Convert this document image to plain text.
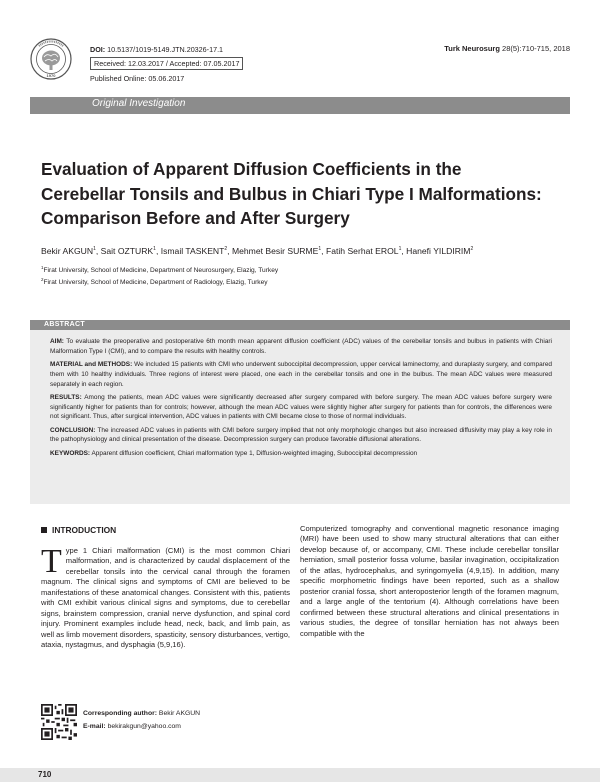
1970
DOI: 10.5137/1019-5149.JTN.20326-17.1
Received: 12.03.2017 / Accepted: 07.05.2017
Published Online: 05.06.2017
Turk Neurosurg 28(5):710-715, 2018
Original Investigation
Evaluation of Apparent Diffusion Coefficients in the
Cerebellar Tonsils and Bulbus in Chiari Type I Malformations:
Comparison Before and After Surgery
Bekir AKGUN$^1$, Sait OZTURK$^1$, Ismail TASKENT$^2$, Mehmet Besir SURME$^1$, Fatih Serhat EROL$^1$, Hanefi YILDIRIM$^2$
$^1$Firat University, School of Medicine, Department of Neurosurgery, Elazig, Turkey
$^2$Firat University, School of Medicine, Department of Radiology, Elazig, Turkey
ABSTRACT

AIM: To evaluate the preoperative and postoperative 6th month mean apparent diffusion coefficient (ADC) values of the cerebellar tonsils and bulbus in patients with Chiari Malformation Type I (CMI), and to compare the results with healthy controls.

MATERIAL and METHODS: We included 15 patients with CMI who underwent suboccipital decompression, upper cervical laminectomy, and duraplasty surgery, and compared them with 10 healthy individuals. Three regions of interest were placed, one each in the cerebellar tonsils and one in the bulbus. The mean ADC values were measured separately in each region.

RESULTS: Among the patients, mean ADC values were significantly decreased after surgery compared with before surgery. The mean ADC values before surgery were significantly higher for patients than for controls; however, although the mean ADC values were slightly higher after surgery for patients than for controls, the differences were not significant. Thus, after surgical intervention, ADC values in patients with CMI became close to those of normal individuals.

CONCLUSION: The increased ADC values in patients with CMI before surgery implied that not only morphologic changes but also increased diffusivity may play a key role in the pathophysiology and clinical presentation of the disease. Decompression surgery can produce favorable diffusional alterations.

KEYWORDS: Apparent diffusion coefficient, Chiari malformation type 1, Diffusion-weighted imaging, Suboccipital decompression

INTRODUCTION
T ype 1 Chiari malformation (CMI) is the most common Chiari malformation, and is characterized by caudal displacement of the cerebellar tonsils into the cervical canal through the foramen magnum. The clinical signs and symptoms of CMI are believed to be manifestations of these anatomical changes. Consistent with this, patients with CMI exhibit various clinical signs and symptoms, due to cerebellar signs, brainstem compression, cranial nerve dysfunction, and spinal cord injury. Prominent examples include head, neck, back, and limb pain, as well as limb movement disorders, spasticity, sensory disturbances, vertigo, ataxia, nystagmus, and dysphagia (5,9,16).
Computerized tomography and conventional magnetic resonance imaging (MRI) have been used to show many structural alterations that can either develop because of, or accompany, CMI. These include cerebellar tonsillar herniation, small posterior fossa volume, basilar invagination, occipitalization of the atlas, hydrocephalus, and syringomyelia (4,9,15). In addition, many specific morphometric findings have been reported, such as a shallow posterior cranial fossa, short anteroposterior length of the foramen magnum, and a large angle of the tentorium (4). Although correlations have been confirmed between these structural alterations and clinical presentations in various studies, the degree of tonsillar herniation has not always been compatible with the
Corresponding author: Bekir AKGUN
E-mail: bekirakgun@yahoo.com
710
